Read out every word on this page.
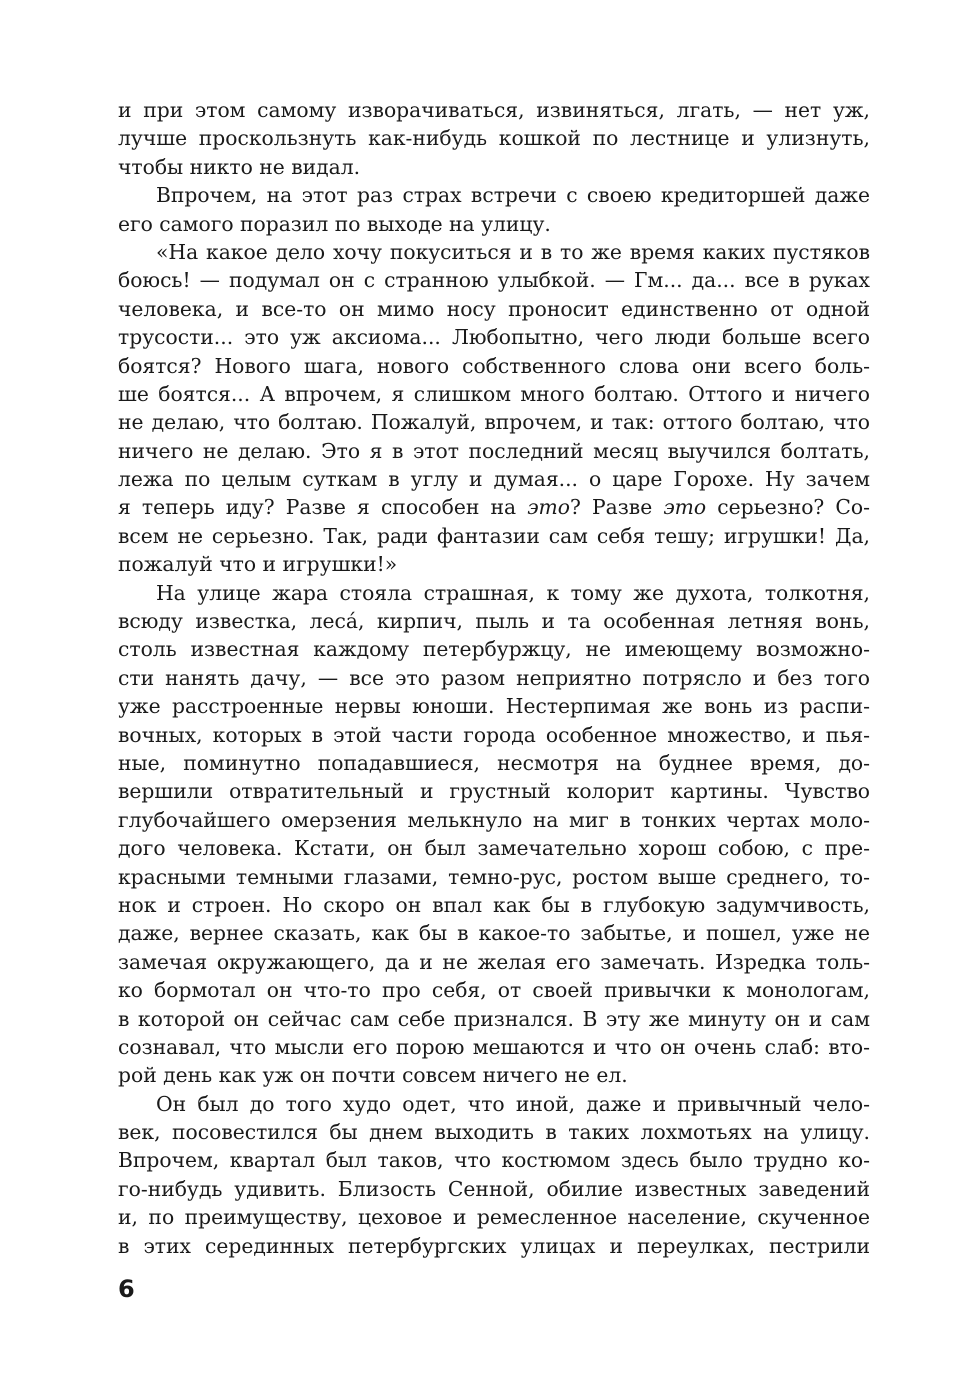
и при этом самому изворачиваться, извиняться, лгать, — нет уж,
лучше проскользнуть как-нибудь кошкой по лестнице и улизнуть,
чтобы никто не видал.
Впрочем, на этот раз страх встречи с своею кредиторшей даже
его самого поразил по выходе на улицу.
«На какое дело хочу покуситься и в то же время каких пустяков
боюсь! — подумал он с странною улыбкой. — Гм... да... все в руках
человека, и все-то он мимо носу проносит единственно от одной
трусости... это уж аксиома... Любопытно, чего люди больше всего
боятся? Нового шага, нового собственного слова они всего боль-
ше боятся... А впрочем, я слишком много болтаю. Оттого и ничего
не делаю, что болтаю. Пожалуй, впрочем, и так: оттого болтаю, что
ничего не делаю. Это я в этот последний месяц выучился болтать,
лежа по целым суткам в углу и думая... о царе Горохе. Ну зачем
я теперь иду? Разве я способен на это? Разве это серьезно? Со-
всем не серьезно. Так, ради фантазии сам себя тешу; игрушки! Да,
пожалуй что и игрушки!»
На улице жара стояла страшная, к тому же духота, толкотня,
всюду известка, леса́, кирпич, пыль и та особенная летняя вонь,
столь известная каждому петербуржцу, не имеющему возможно-
сти нанять дачу, — все это разом неприятно потрясло и без того
уже расстроенные нервы юноши. Нестерпимая же вонь из распи-
вочных, которых в этой части города особенное множество, и пья-
ные, поминутно попадавшиеся, несмотря на буднее время, до-
вершили отвратительный и грустный колорит картины. Чувство
глубочайшего омерзения мелькнуло на миг в тонких чертах моло-
дого человека. Кстати, он был замечательно хорош собою, с пре-
красными темными глазами, темно-рус, ростом выше среднего, то-
нок и строен. Но скоро он впал как бы в глубокую задумчивость,
даже, вернее сказать, как бы в какое-то забытье, и пошел, уже не
замечая окружающего, да и не желая его замечать. Изредка толь-
ко бормотал он что-то про себя, от своей привычки к монологам,
в которой он сейчас сам себе признался. В эту же минуту он и сам
сознавал, что мысли его порою мешаются и что он очень слаб: вто-
рой день как уж он почти совсем ничего не ел.
Он был до того худо одет, что иной, даже и привычный чело-
век, посовестился бы днем выходить в таких лохмотьях на улицу.
Впрочем, квартал был таков, что костюмом здесь было трудно ко-
го-нибудь удивить. Близость Сенной, обилие известных заведений
и, по преимуществу, цеховое и ремесленное население, скученное
в этих серединных петербургских улицах и переулках, пестрили
6
